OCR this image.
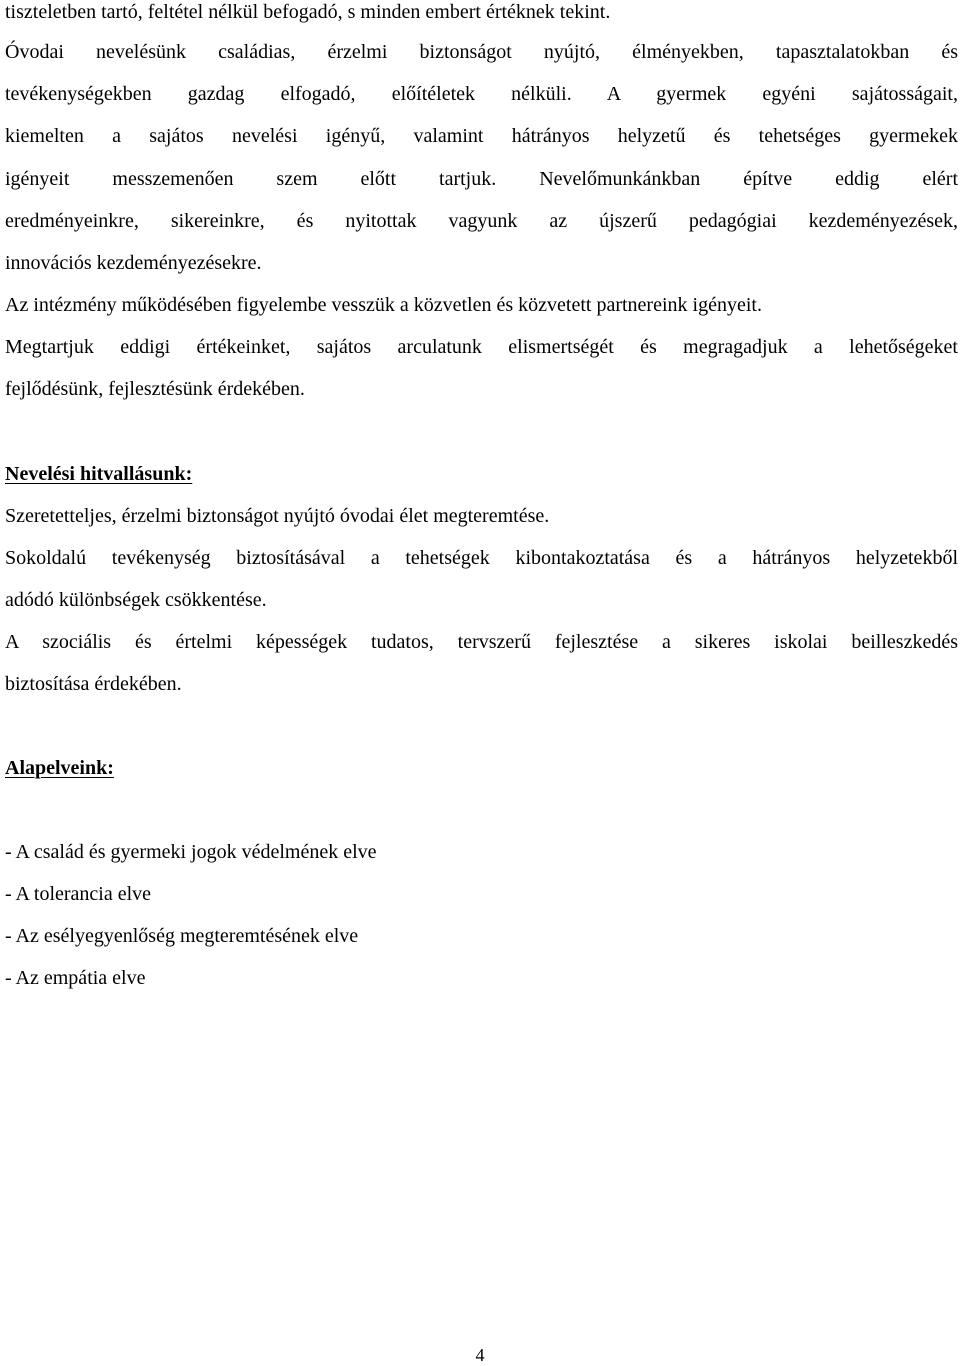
tiszteletben tartó, feltétel nélkül befogadó, s minden embert értéknek tekint.
Óvodai nevelésünk családias, érzelmi biztonságot nyújtó, élményekben, tapasztalatokban és
tevékenységekben gazdag elfogadó, előítéletek nélküli. A gyermek egyéni sajátosságait,
kiemelten a sajátos nevelési igényű, valamint hátrányos helyzetű és tehetséges gyermekek
igényeit messzemenően szem előtt tartjuk. Nevelőmunkánkban építve eddig elért
eredményeinkre, sikereinkre, és nyitottak vagyunk az újszerű pedagógiai kezdeményezések,
innovációs kezdeményezésekre.
Az intézmény működésében figyelembe vesszük a közvetlen és közvetett partnereink igényeit.
Megtartjuk eddigi értékeinket, sajátos arculatunk elismertségét és megragadjuk a lehetőségeket
fejlődésünk, fejlesztésünk érdekében.
Nevelési hitvallásunk:
Szeretetteljes, érzelmi biztonságot nyújtó óvodai élet megteremtése.
Sokoldalú tevékenység biztosításával a tehetségek kibontakoztatása és a hátrányos helyzetekből
adódó különbségek csökkentése.
A szociális és értelmi képességek tudatos, tervszerű fejlesztése a sikeres iskolai beilleszkedés
biztosítása érdekében.
Alapelveink:
- A család és gyermeki jogok védelmének elve
- A tolerancia elve
- Az esélyegyenlőség megteremtésének elve
- Az empátia elve
4
